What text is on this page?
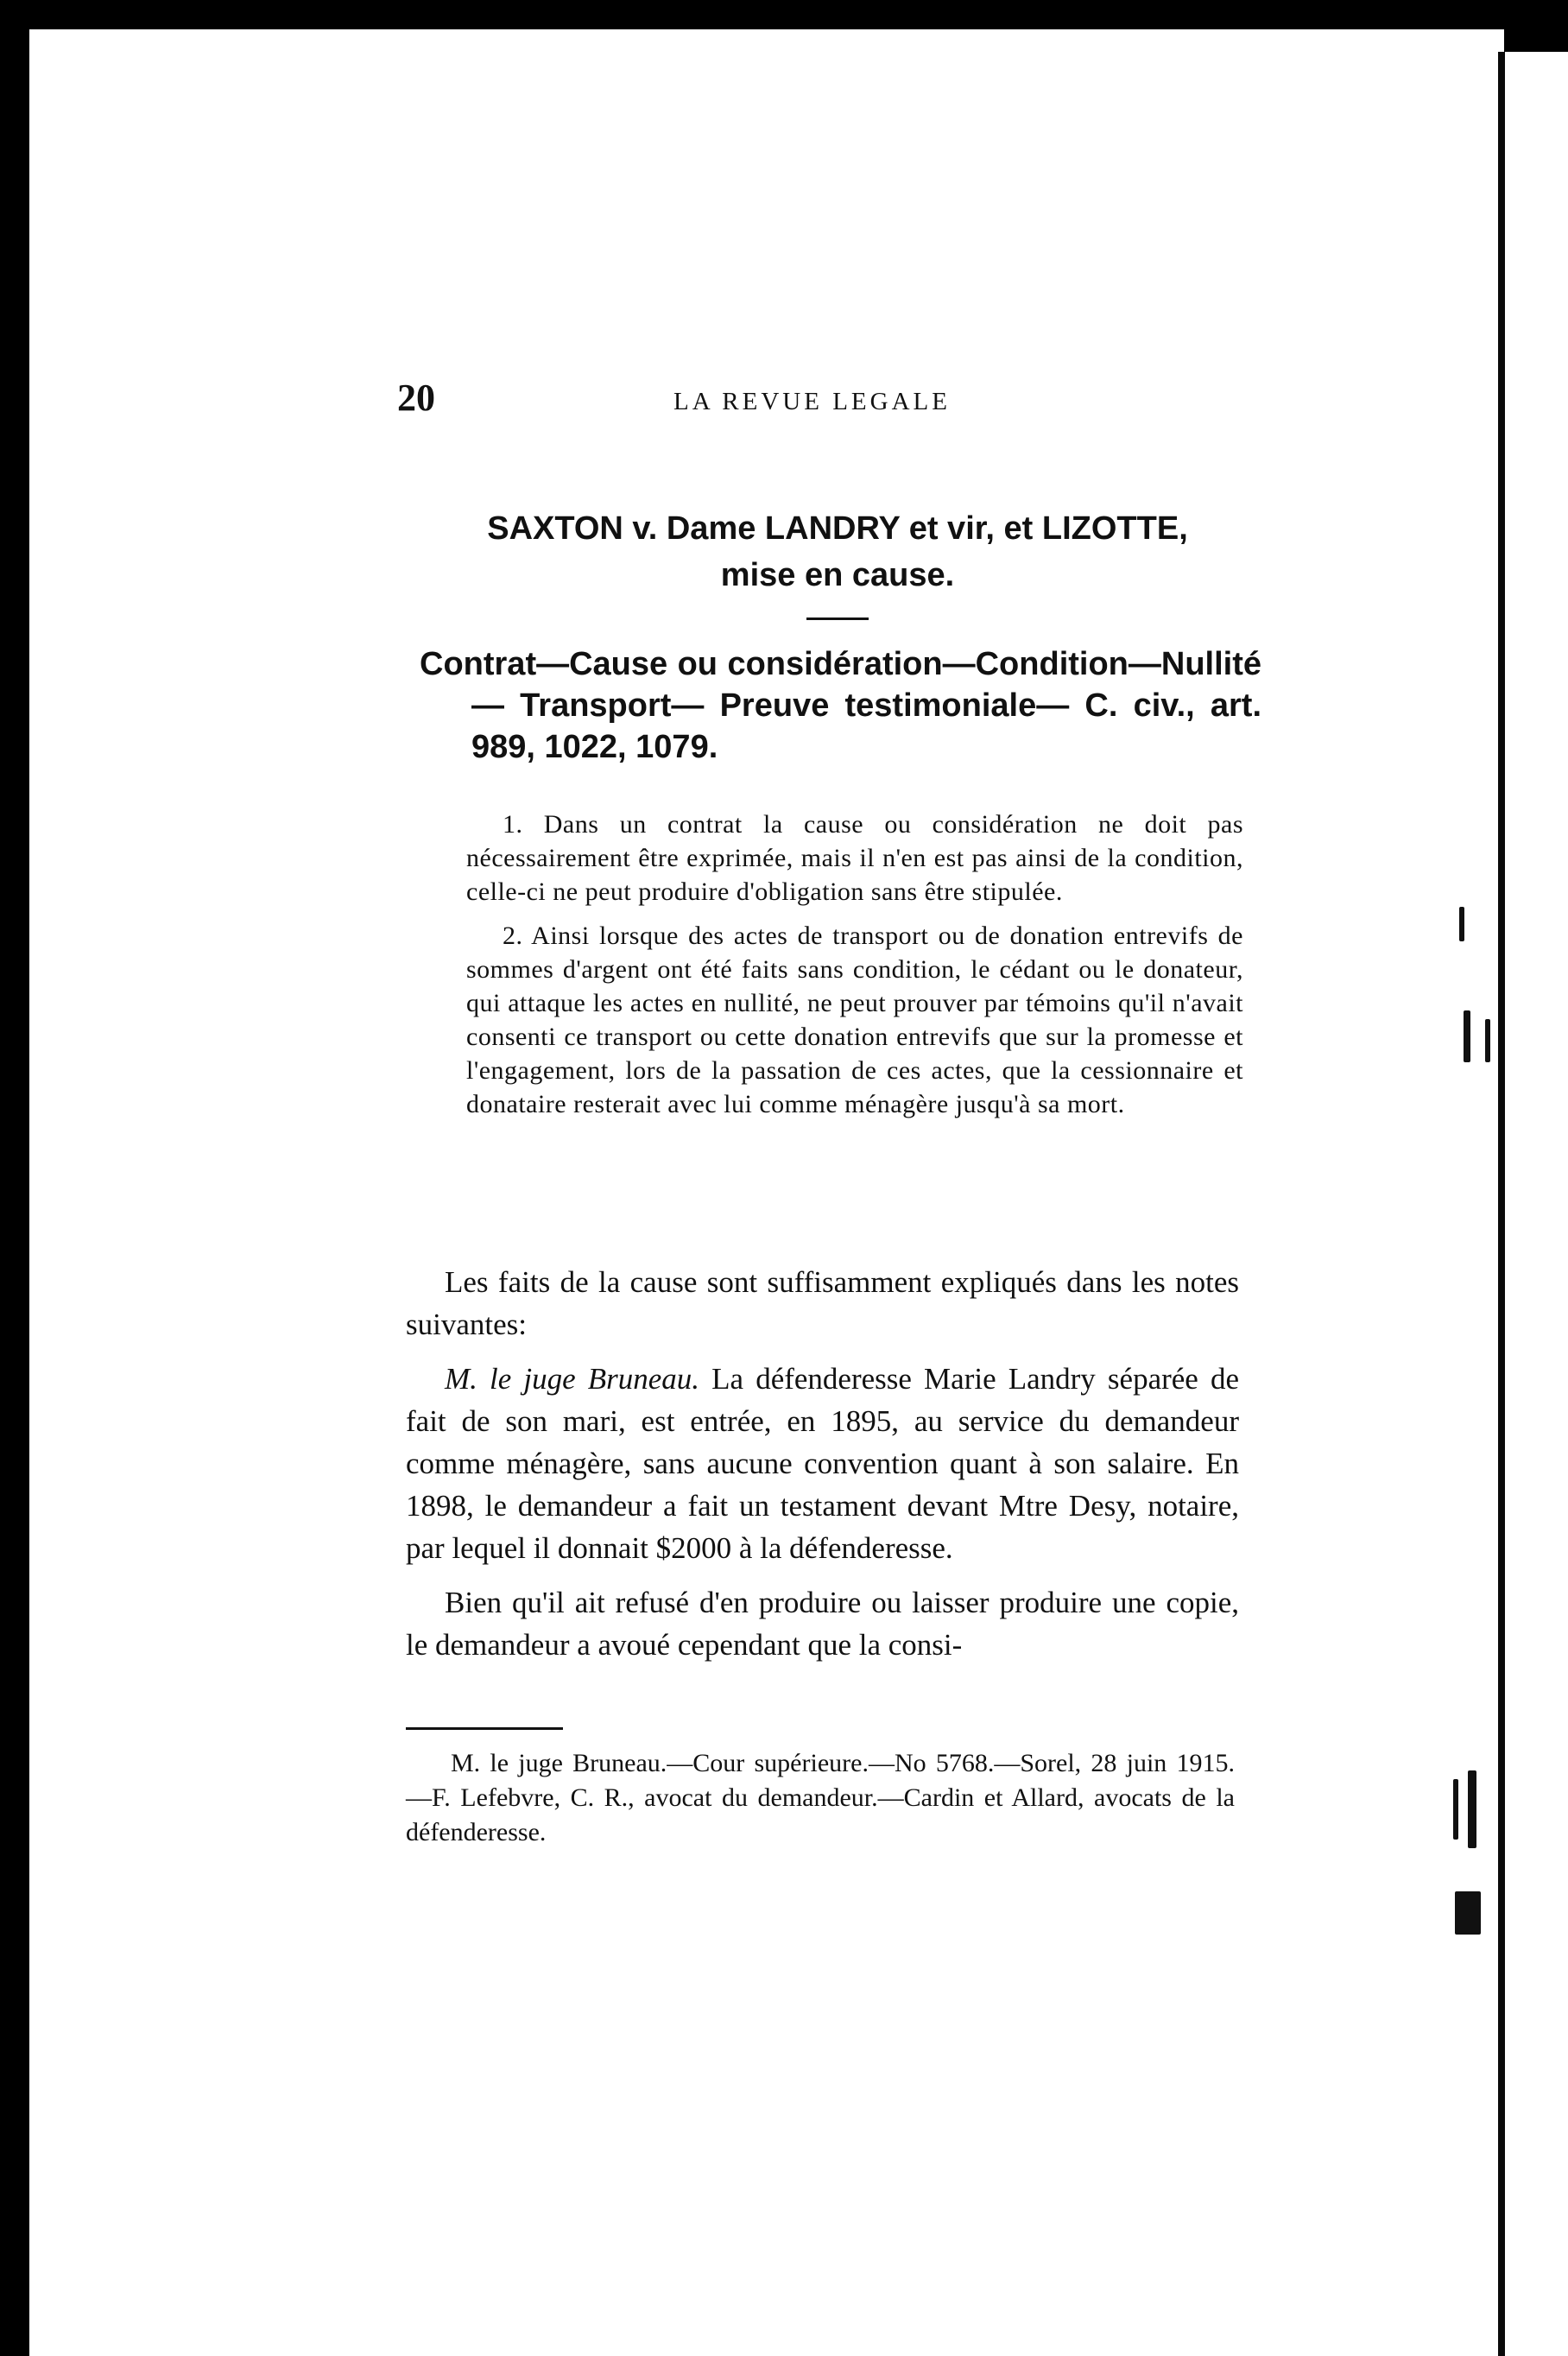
20	LA REVUE LEGALE
SAXTON v. Dame LANDRY et vir, et LIZOTTE,
mise en cause.
Contrat—Cause ou considération—Condition—Nullité— Transport— Preuve testimoniale— C. civ., art. 989, 1022, 1079.

1. Dans un contrat la cause ou considération ne doit pas nécessairement être exprimée, mais il n'en est pas ainsi de la condition, celle-ci ne peut produire d'obligation sans être stipulée.

2. Ainsi lorsque des actes de transport ou de donation entrevifs de sommes d'argent ont été faits sans condition, le cédant ou le donateur, qui attaque les actes en nullité, ne peut prouver par témoins qu'il n'avait consenti ce transport ou cette donation entrevifs que sur la promesse et l'engagement, lors de la passation de ces actes, que la cessionnaire et donataire resterait avec lui comme ménagère jusqu'à sa mort.

Les faits de la cause sont suffisamment expliqués dans les notes suivantes:

M. le juge Bruneau. La défenderesse Marie Landry séparée de fait de son mari, est entrée, en 1895, au service du demandeur comme ménagère, sans aucune convention quant à son salaire. En 1898, le demandeur a fait un testament devant Mtre Desy, notaire, par lequel il donnait $2000 à la défenderesse.

Bien qu'il ait refusé d'en produire ou laisser produire une copie, le demandeur a avoué cependant que la consi-

M. le juge Bruneau.—Cour supérieure.—No 5768.—Sorel, 28 juin 1915.—F. Lefebvre, C. R., avocat du demandeur.—Cardin et Allard, avocats de la défenderesse.
